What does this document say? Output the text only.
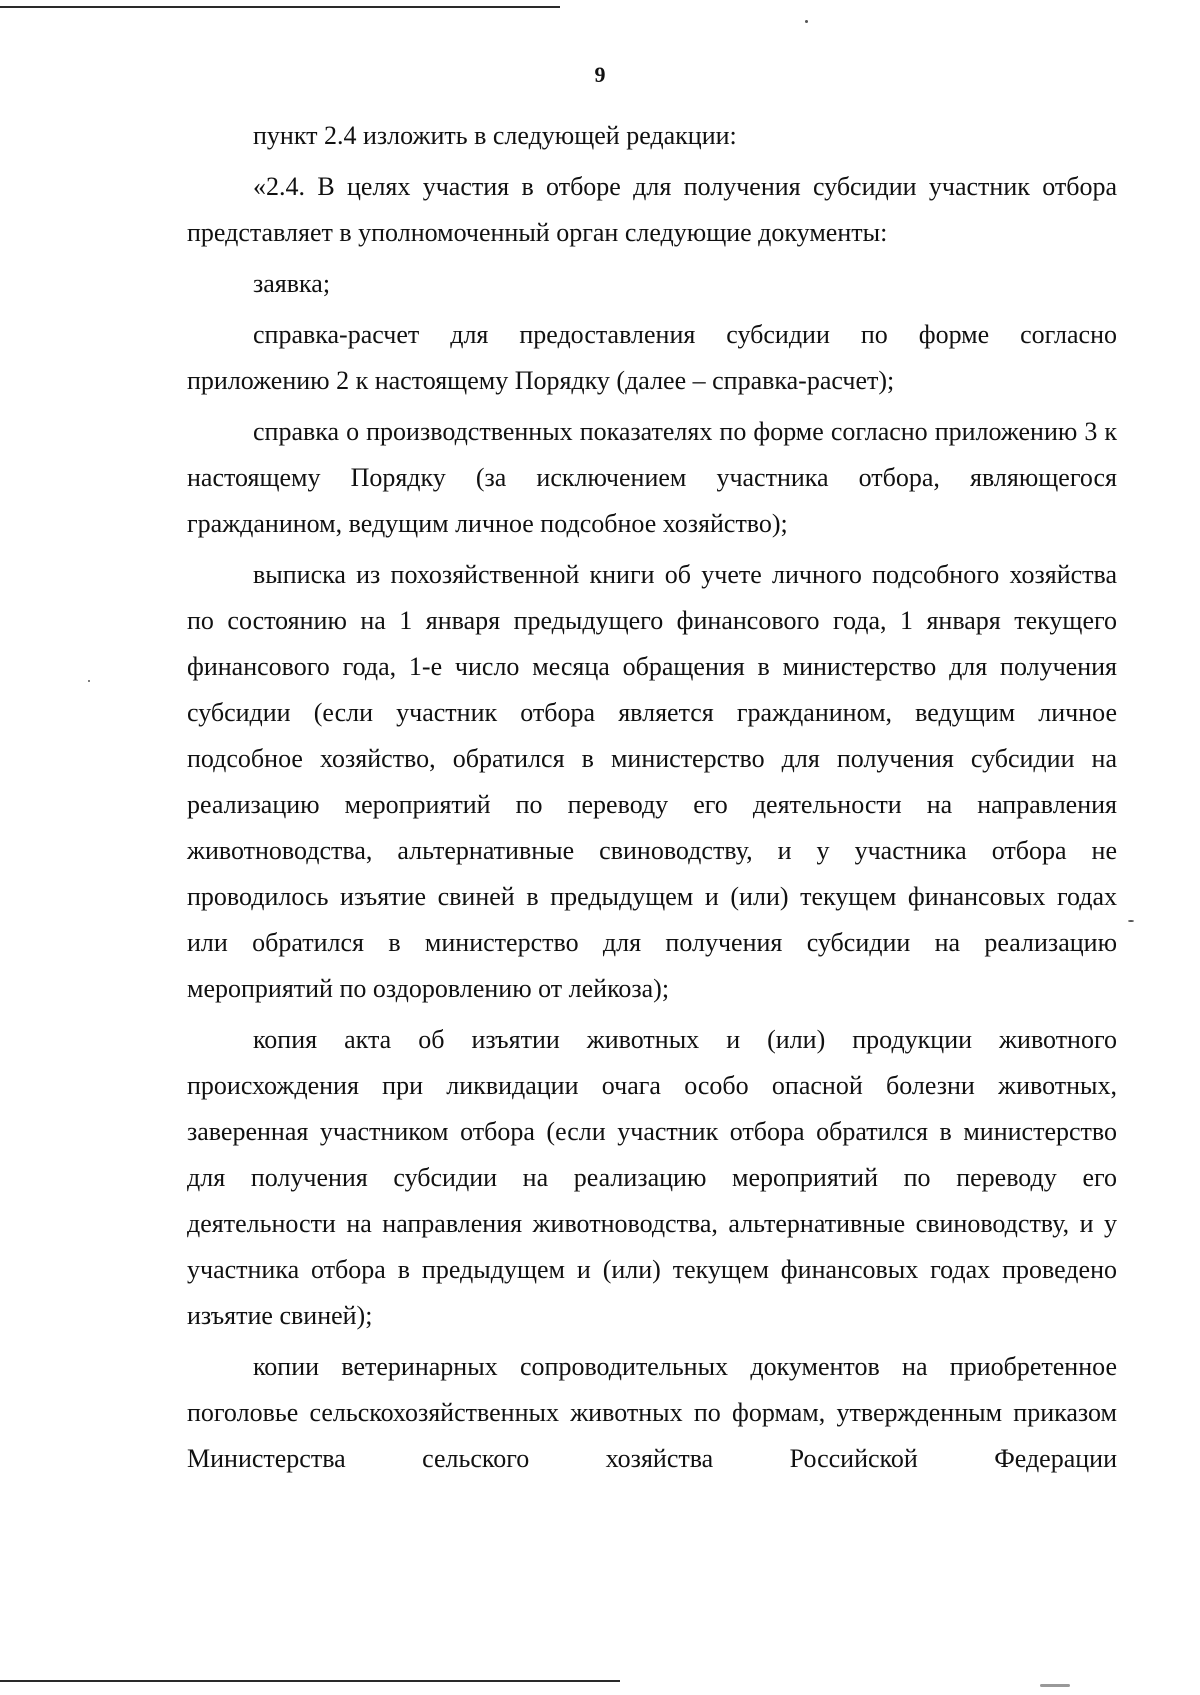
9

пункт 2.4 изложить в следующей редакции:

«2.4. В целях участия в отборе для получения субсидии участник отбора представляет в уполномоченный орган следующие документы:

заявка;

справка-расчет для предоставления субсидии по форме согласно приложению 2 к настоящему Порядку (далее – справка-расчет);

справка о производственных показателях по форме согласно приложению 3 к настоящему Порядку (за исключением участника отбора, являющегося гражданином, ведущим личное подсобное хозяйство);

выписка из похозяйственной книги об учете личного подсобного хозяйства по состоянию на 1 января предыдущего финансового года, 1 января текущего финансового года, 1-е число месяца обращения в министерство для получения субсидии (если участник отбора является гражданином, ведущим личное подсобное хозяйство, обратился в министерство для получения субсидии на реализацию мероприятий по переводу его деятельности на направления животноводства, альтернативные свиноводству, и у участника отбора не проводилось изъятие свиней в предыдущем и (или) текущем финансовых годах или обратился в министерство для получения субсидии на реализацию мероприятий по оздоровлению от лейкоза);

копия акта об изъятии животных и (или) продукции животного происхождения при ликвидации очага особо опасной болезни животных, заверенная участником отбора (если участник отбора обратился в министерство для получения субсидии на реализацию мероприятий по переводу его деятельности на направления животноводства, альтернативные свиноводству, и у участника отбора в предыдущем и (или) текущем финансовых годах проведено изъятие свиней);

копии ветеринарных сопроводительных документов на приобретенное поголовье сельскохозяйственных животных по формам, утвержденным приказом Министерства сельского хозяйства Российской Федерации
